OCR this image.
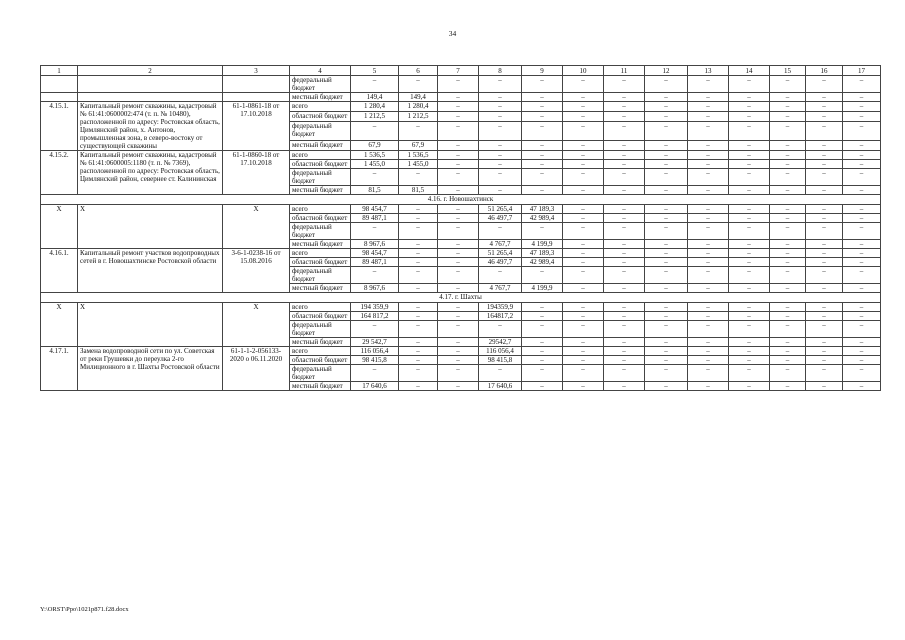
34
1	2	3	4	5	6	7	8	9	10	11	12	13	14	15	16	17	
			федеральный бюджет	–	–	–	–	–	–	–	–	–	–	–	–	–	
			местный бюджет	149,4	149,4	–	–	–	–	–	–	–	–	–	–	–	
4.15.1.	Капитальный ремонт скважины, кадастровый № 61:41:0600002:474 (т. п. № 10480), расположенной по адресу: Ростовская область, Цимлянский район, х. Антонов, промышленная зона, в северо-востоку от существующей скважины	61-1-0861-18 от 17.10.2018	всего	1 280,4	1 280,4	–	–	–	–	–	–	–	–	–	–	–	
			областной бюджет	1 212,5	1 212,5	–	–	–	–	–	–	–	–	–	–	–	
			федеральный бюджет	–	–	–	–	–	–	–	–	–	–	–	–	–	
			местный бюджет	67,9	67,9	–	–	–	–	–	–	–	–	–	–	–	
4.15.2.	Капитальный ремонт скважины, кадастровый № 61:41:0600005:1180 (т. п. № 7369), расположенной по адресу: Ростовская область, Цимлянский район, севернее ст. Калининская	61-1-0860-18 от 17.10.2018	всего	1 536,5	1 536,5	–	–	–	–	–	–	–	–	–	–	–	
			областной бюджет	1 455,0	1 455,0	–	–	–	–	–	–	–	–	–	–	–	
			федеральный бюджет	–	–	–	–	–	–	–	–	–	–	–	–	–	
			местный бюджет	81,5	81,5	–	–	–	–	–	–	–	–	–	–	–	
4.16. г. Новошахтинск																	
X	X	X	всего	98 454,7	–	–	51 265,4	47 189,3	–	–	–	–	–	–	–	–	
			областной бюджет	89 487,1	–	–	46 497,7	42 989,4	–	–	–	–	–	–	–	–	
			федеральный бюджет	–	–	–	–	–	–	–	–	–	–	–	–	–	
			местный бюджет	8 967,6	–	–	4 767,7	4 199,9	–	–	–	–	–	–	–	–	
4.16.1.	Капитальный ремонт участков водопроводных сетей в г. Новошахтинске Ростовской области	3-6-1-0238-16 от 15.08.2016	всего	98 454,7	–	–	51 265,4	47 189,3	–	–	–	–	–	–	–	–	
			областной бюджет	89 487,1	–	–	46 497,7	42 989,4	–	–	–	–	–	–	–	–	
			федеральный бюджет	–	–	–	–	–	–	–	–	–	–	–	–	–	
			местный бюджет	8 967,6	–	–	4 767,7	4 199,9	–	–	–	–	–	–	–	–	
4.17. г. Шахты																	
X	X	X	всего	194 359,9	–	–	194359,9	–	–	–	–	–	–	–	–	–	
			областной бюджет	164 817,2	–	–	164817,2	–	–	–	–	–	–	–	–	–	
			федеральный бюджет	–	–	–	–	–	–	–	–	–	–	–	–	–	
			местный бюджет	29 542,7	–	–	29542,7	–	–	–	–	–	–	–	–	–	
4.17.1.	Замена водопроводной сети по ул. Советская от реки Грушевки до переулка 2-го Милиционного в г. Шахты Ростовской области	61-1-1-2-056133-2020 о 06.11.2020	всего	116 056,4	–	–	116 056,4	–	–	–	–	–	–	–	–	–	
			областной бюджет	98 415,8	–	–	98 415,8	–	–	–	–	–	–	–	–	–	
			федеральный бюджет	–	–	–	–	–	–	–	–	–	–	–	–	–	
			местный бюджет	17 640,6	–	–	17 640,6	–	–	–	–	–	–	–	–	–	
Y:\ORST\Ppo\1021p871.f28.docx
